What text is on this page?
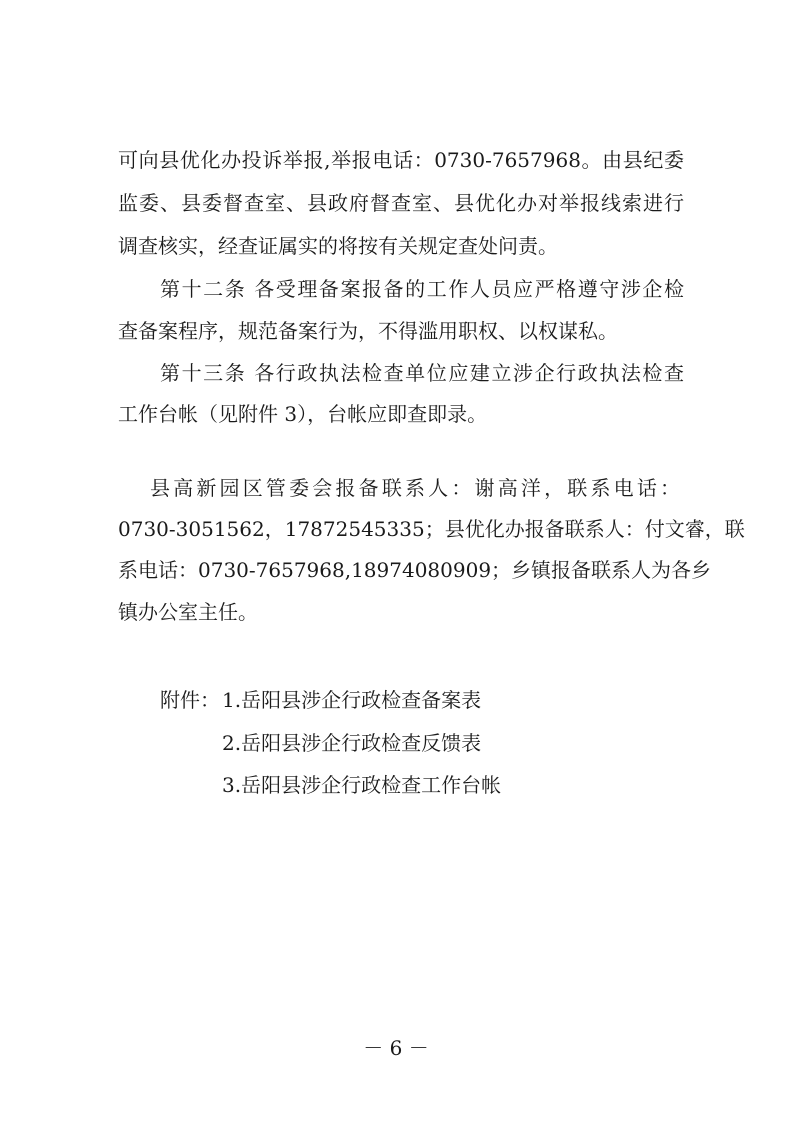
可向县优化办投诉举报,举报电话：0730-7657968。由县纪委
监委、县委督查室、县政府督查室、县优化办对举报线索进行
调查核实，经查证属实的将按有关规定查处问责。
第十二条 各受理备案报备的工作人员应严格遵守涉企检
查备案程序，规范备案行为，不得滥用职权、以权谋私。
第十三条 各行政执法检查单位应建立涉企行政执法检查
工作台帐（见附件 3），台帐应即查即录。
县高新园区管委会报备联系人：谢高洋，联系电话：
0730-3051562，17872545335；县优化办报备联系人：付文睿，联
系电话：0730-7657968,18974080909；乡镇报备联系人为各乡
镇办公室主任。
附件： 1.岳阳县涉企行政检查备案表
2.岳阳县涉企行政检查反馈表
3.岳阳县涉企行政检查工作台帐
－ 6 －
